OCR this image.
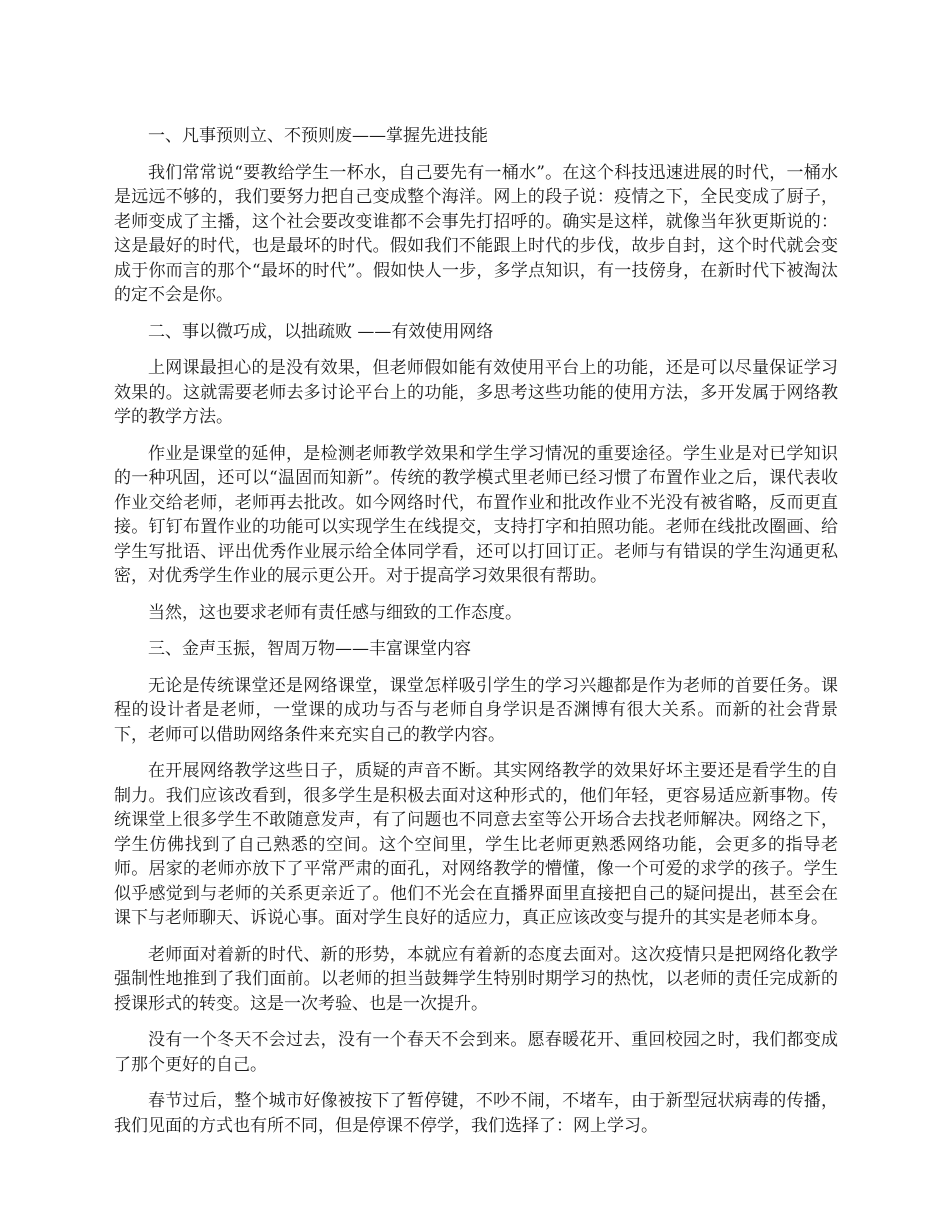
一、凡事预则立、不预则废——掌握先进技能

我们常常说“要教给学生一杯水，自己要先有一桶水”。在这个科技迅速进展的时代，一桶水是远远不够的，我们要努力把自己变成整个海洋。网上的段子说：疫情之下，全民变成了厨子，老师变成了主播，这个社会要改变谁都不会事先打招呼的。确实是这样，就像当年狄更斯说的：这是最好的时代，也是最坏的时代。假如我们不能跟上时代的步伐，故步自封，这个时代就会变成于你而言的那个“最坏的时代”。假如快人一步，多学点知识，有一技傍身，在新时代下被淘汰的定不会是你。

二、事以微巧成，以拙疏败 ——有效使用网络

上网课最担心的是没有效果，但老师假如能有效使用平台上的功能，还是可以尽量保证学习效果的。这就需要老师去多讨论平台上的功能，多思考这些功能的使用方法，多开发属于网络教学的教学方法。

作业是课堂的延伸，是检测老师教学效果和学生学习情况的重要途径。学生业是对已学知识的一种巩固，还可以“温固而知新”。传统的教学模式里老师已经习惯了布置作业之后，课代表收作业交给老师，老师再去批改。如今网络时代，布置作业和批改作业不光没有被省略，反而更直接。钉钉布置作业的功能可以实现学生在线提交，支持打字和拍照功能。老师在线批改圈画、给学生写批语、评出优秀作业展示给全体同学看，还可以打回订正。老师与有错误的学生沟通更私密，对优秀学生作业的展示更公开。对于提高学习效果很有帮助。

当然，这也要求老师有责任感与细致的工作态度。

三、金声玉振，智周万物——丰富课堂内容

无论是传统课堂还是网络课堂，课堂怎样吸引学生的学习兴趣都是作为老师的首要任务。课程的设计者是老师，一堂课的成功与否与老师自身学识是否渊博有很大关系。而新的社会背景下，老师可以借助网络条件来充实自己的教学内容。

在开展网络教学这些日子，质疑的声音不断。其实网络教学的效果好坏主要还是看学生的自制力。我们应该改看到，很多学生是积极去面对这种形式的，他们年轻，更容易适应新事物。传统课堂上很多学生不敢随意发声，有了问题也不同意去室等公开场合去找老师解决。网络之下，学生仿佛找到了自己熟悉的空间。这个空间里，学生比老师更熟悉网络功能，会更多的指导老师。居家的老师亦放下了平常严肃的面孔，对网络教学的懵懂，像一个可爱的求学的孩子。学生似乎感觉到与老师的关系更亲近了。他们不光会在直播界面里直接把自己的疑问提出，甚至会在课下与老师聊天、诉说心事。面对学生良好的适应力，真正应该改变与提升的其实是老师本身。

老师面对着新的时代、新的形势，本就应有着新的态度去面对。这次疫情只是把网络化教学强制性地推到了我们面前。以老师的担当鼓舞学生特别时期学习的热忱，以老师的责任完成新的授课形式的转变。这是一次考验、也是一次提升。

没有一个冬天不会过去，没有一个春天不会到来。愿春暖花开、重回校园之时，我们都变成了那个更好的自己。

春节过后，整个城市好像被按下了暂停键，不吵不闹，不堵车，由于新型冠状病毒的传播，我们见面的方式也有所不同，但是停课不停学，我们选择了：网上学习。
